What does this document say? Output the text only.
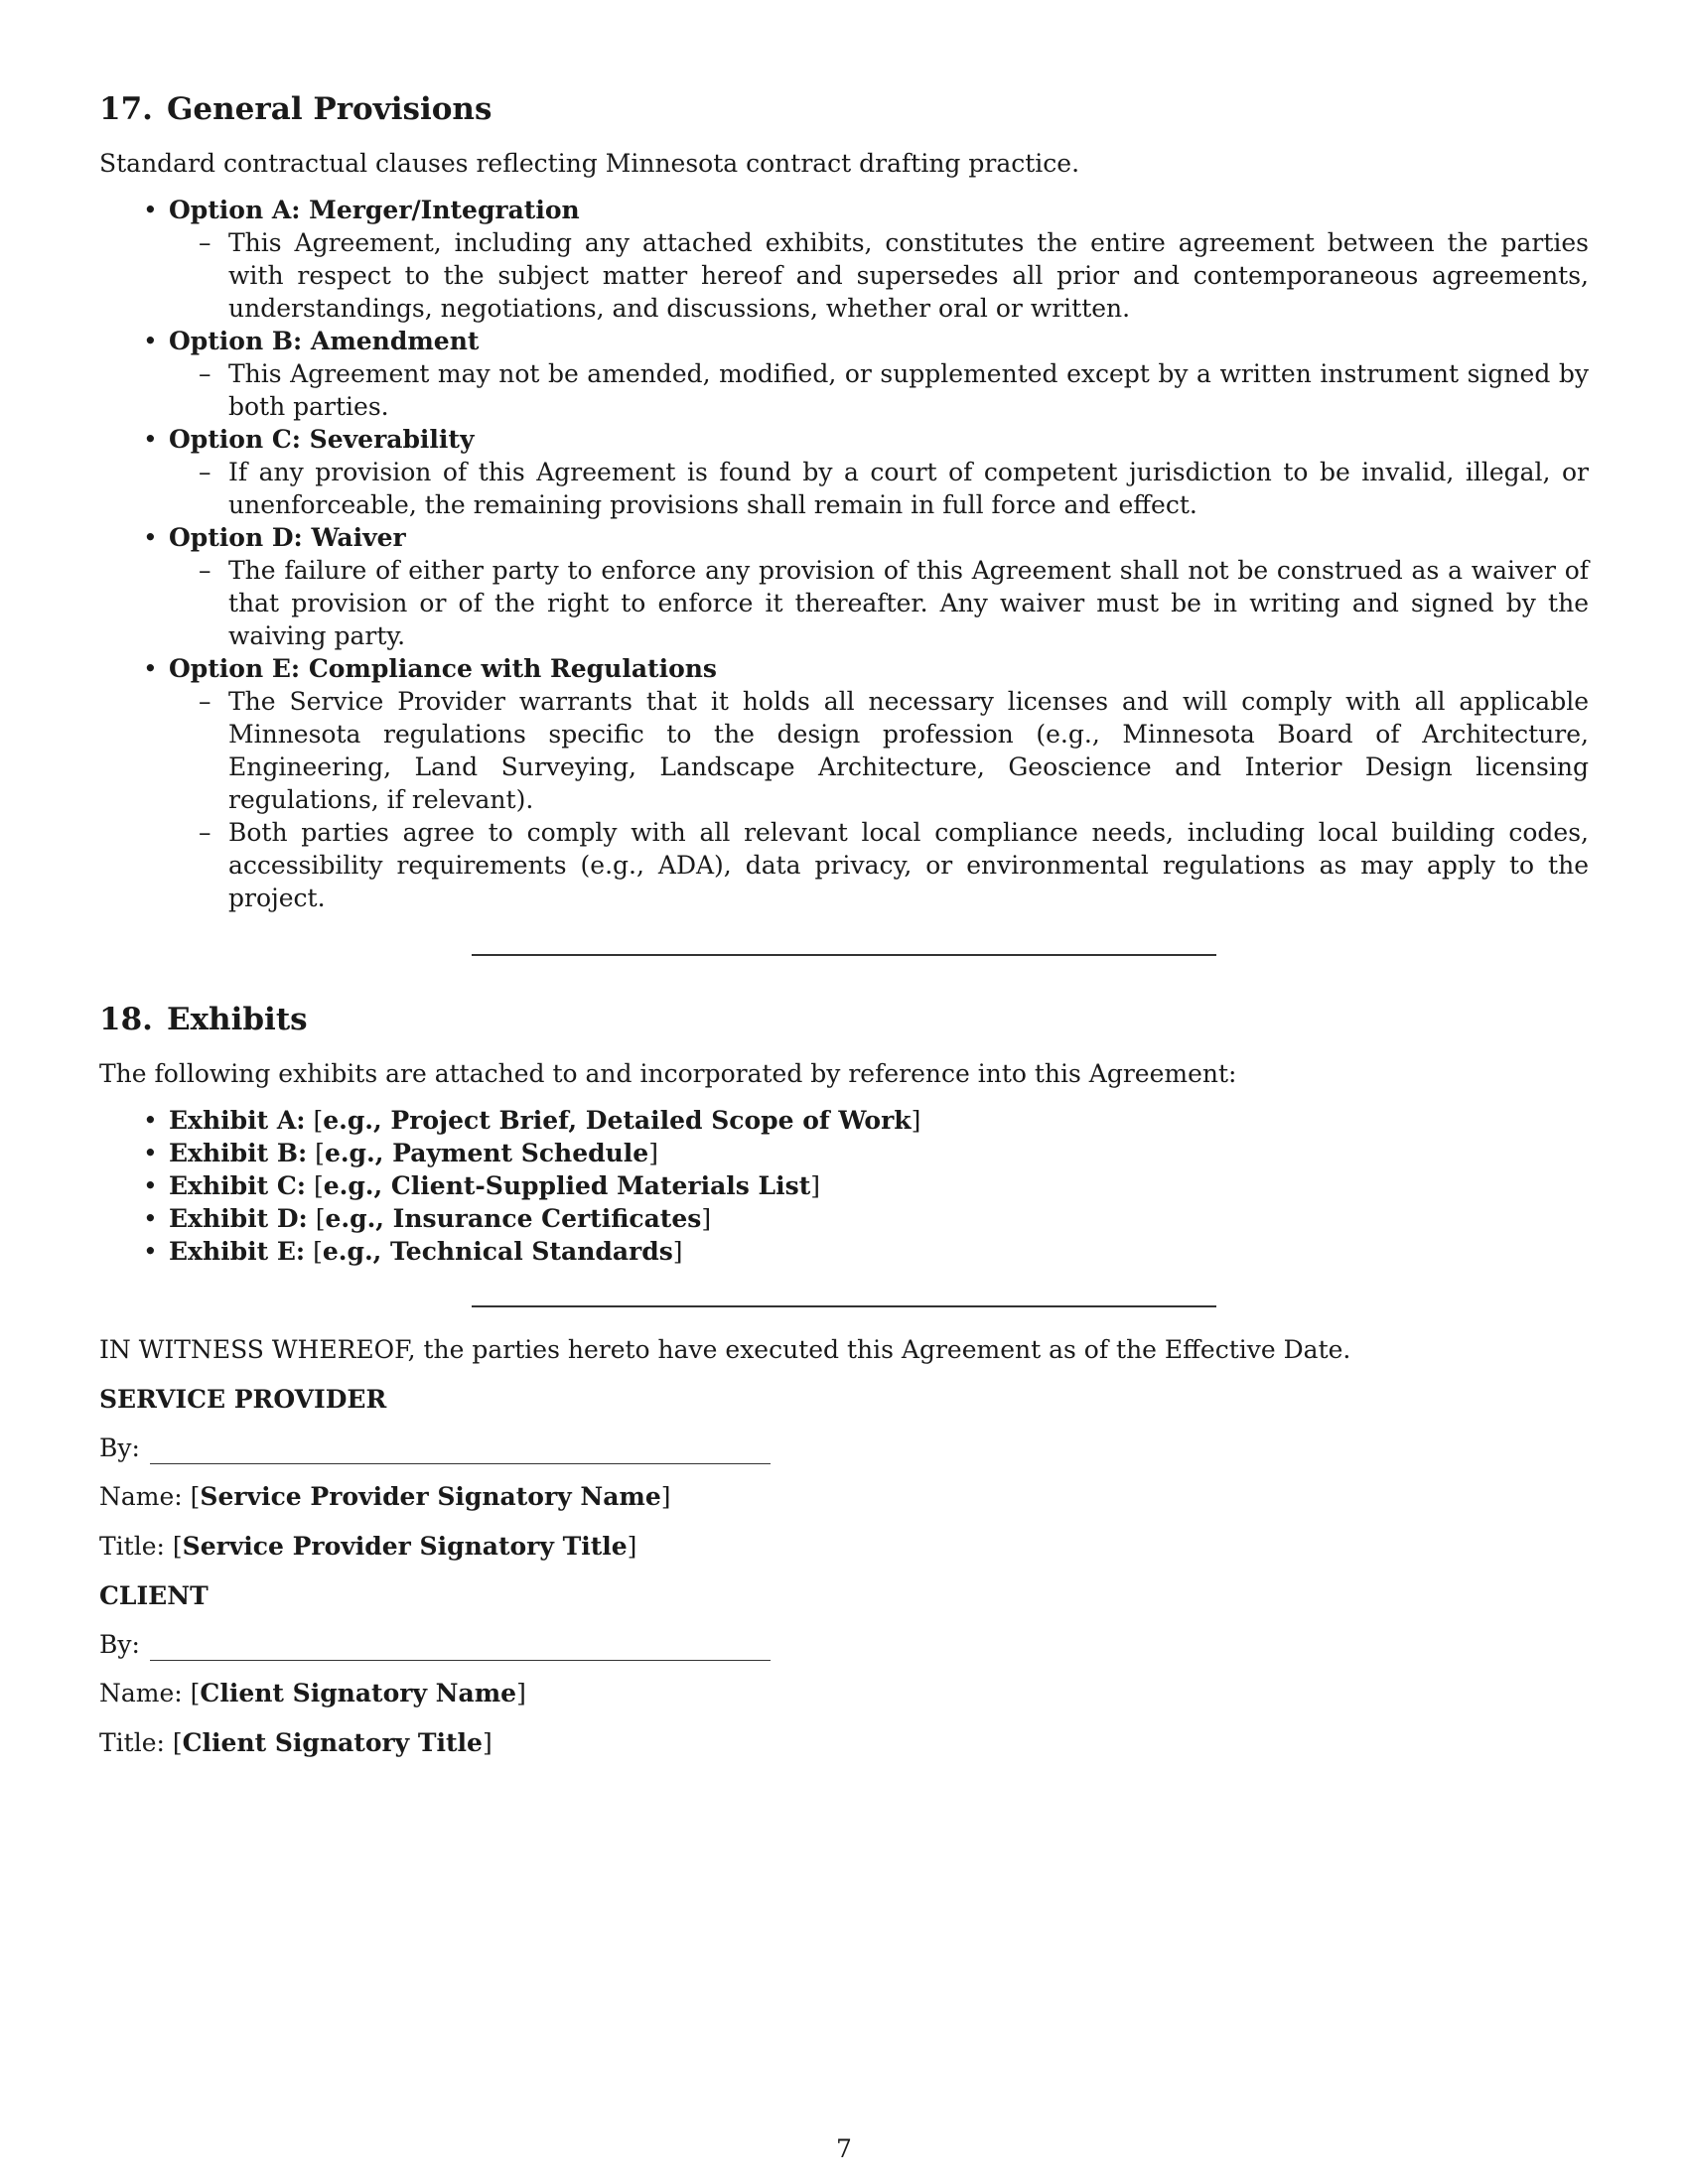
17. General Provisions

Standard contractual clauses reflecting Minnesota contract drafting practice.

• Option A: Merger/Integration
– This Agreement, including any attached exhibits, constitutes the entire agreement between the parties with respect to the subject matter hereof and supersedes all prior and contemporaneous agreements, understandings, negotiations, and discussions, whether oral or written.
• Option B: Amendment
– This Agreement may not be amended, modified, or supplemented except by a written instrument signed by both parties.
• Option C: Severability
– If any provision of this Agreement is found by a court of competent jurisdiction to be invalid, illegal, or unenforceable, the remaining provisions shall remain in full force and effect.
• Option D: Waiver
– The failure of either party to enforce any provision of this Agreement shall not be construed as a waiver of that provision or of the right to enforce it thereafter. Any waiver must be in writing and signed by the waiving party.
• Option E: Compliance with Regulations
– The Service Provider warrants that it holds all necessary licenses and will comply with all applicable Minnesota regulations specific to the design profession (e.g., Minnesota Board of Architecture, Engineering, Land Surveying, Landscape Architecture, Geoscience and Interior Design licensing regulations, if relevant).
– Both parties agree to comply with all relevant local compliance needs, including local building codes, accessibility requirements (e.g., ADA), data privacy, or environmental regulations as may apply to the project.
18. Exhibits

The following exhibits are attached to and incorporated by reference into this Agreement:

• Exhibit A: [e.g., Project Brief, Detailed Scope of Work]
• Exhibit B: [e.g., Payment Schedule]
• Exhibit C: [e.g., Client-Supplied Materials List]
• Exhibit D: [e.g., Insurance Certificates]
• Exhibit E: [e.g., Technical Standards]

IN WITNESS WHEREOF, the parties hereto have executed this Agreement as of the Effective Date.

SERVICE PROVIDER

By:

Name: [Service Provider Signatory Name]

Title: [Service Provider Signatory Title]

CLIENT

By:

Name: [Client Signatory Name]

Title: [Client Signatory Title]

7
